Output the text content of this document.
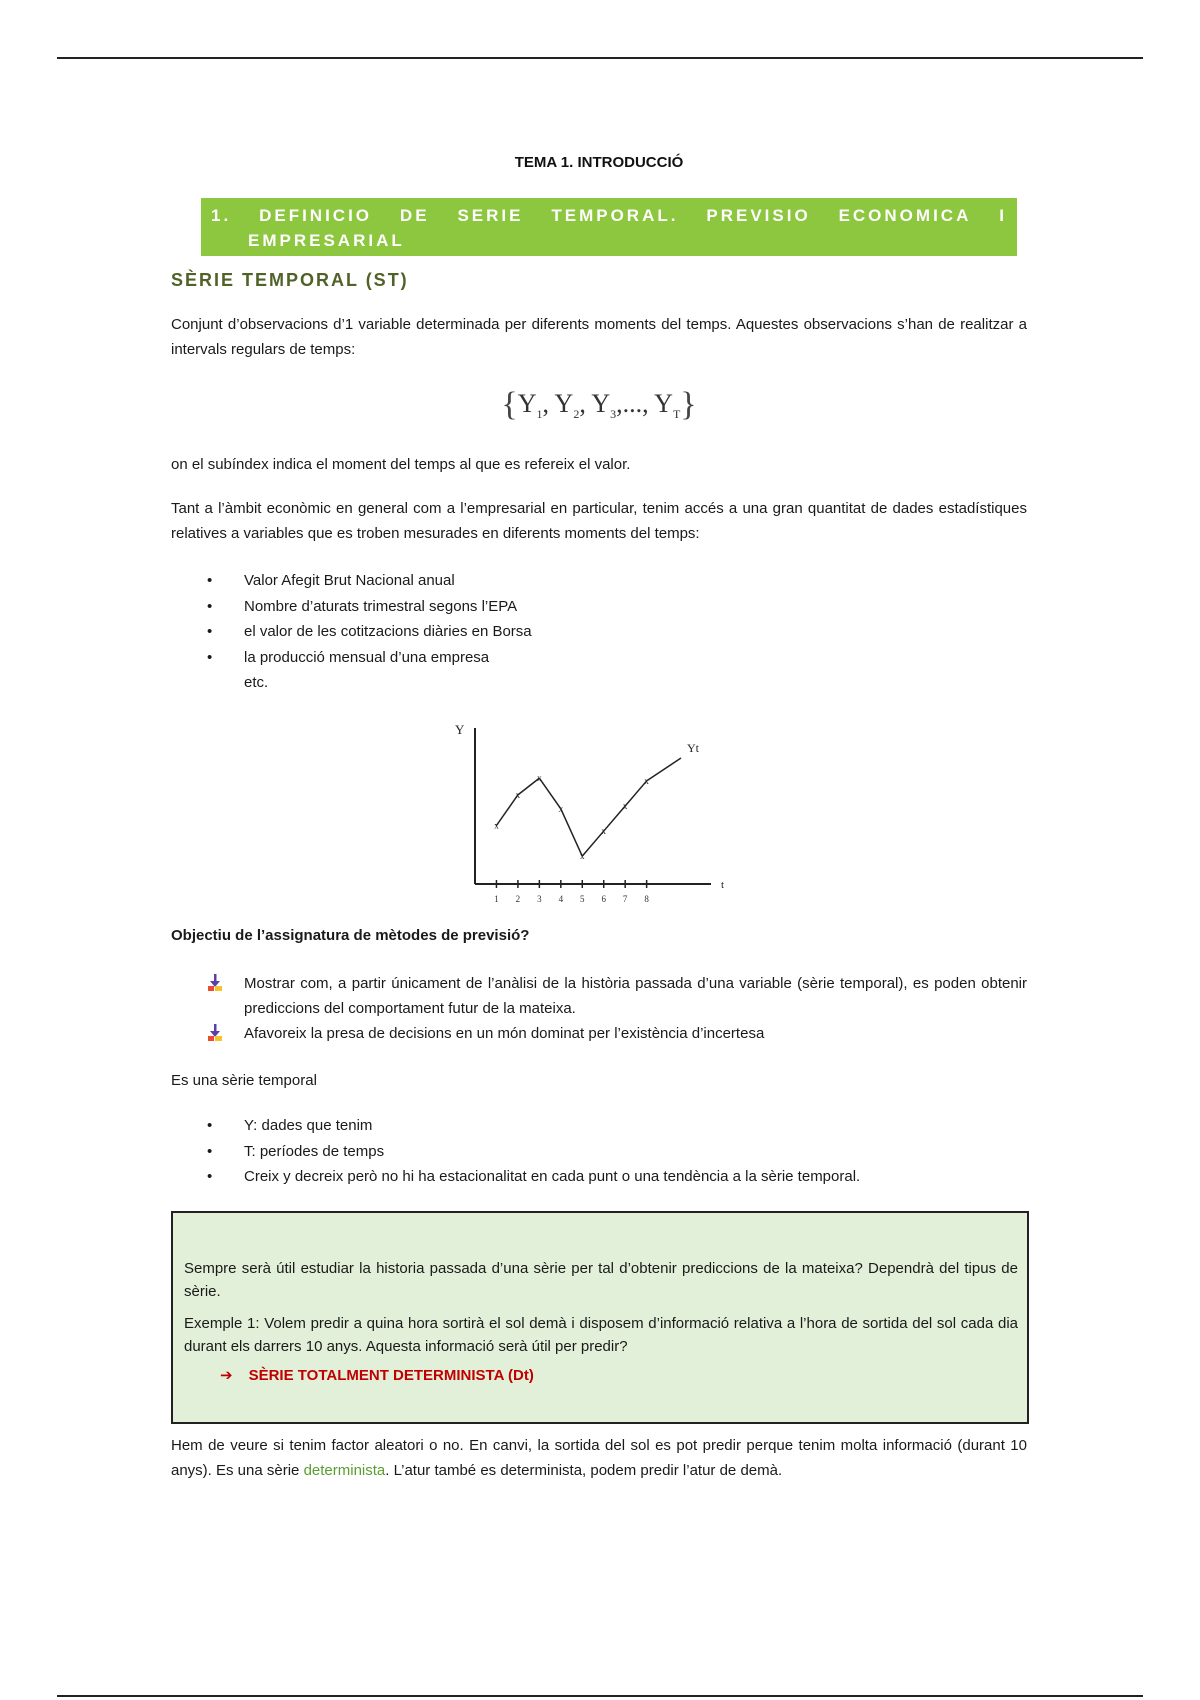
TEMA 1. INTRODUCCIÓ
1. DEFINICIO DE SERIE TEMPORAL. PREVISIO ECONOMICA I
EMPRESARIAL
SÈRIE TEMPORAL (ST)
Conjunt d’observacions d’1 variable determinada per diferents moments del temps. Aquestes observacions s’han de realitzar a intervals regulars de temps:
{$Y_1$, $Y_2$, $Y_3$,..., $Y_T$}
on el subíndex indica el moment del temps al que es refereix el valor.
Tant a l’àmbit econòmic en general com a l’empresarial en particular, tenim accés a una gran quantitat de dades estadístiques relatives a variables que es troben mesurades en diferents moments del temps:
• Valor Afegit Brut Nacional anual
• Nombre d’aturats trimestral segons l’EPA
• el valor de les cotitzacions diàries en Borsa
• la producció mensual d’una empresa
etc.
Y
t
Yt
1 2 3 4 5 6 7 8
x
x
x
x
x
x
x
x
Objectiu de l’assignatura de mètodes de previsió?
Mostrar com, a partir únicament de l’anàlisi de la història passada d’una variable (sèrie temporal), es poden obtenir prediccions del comportament futur de la mateixa.
Afavoreix la presa de decisions en un món dominat per l’existència d’incertesa
Es una sèrie temporal
• Y: dades que tenim
• T: períodes de temps
• Creix y decreix però no hi ha estacionalitat en cada punt o una tendència a la sèrie temporal.
Sempre serà útil estudiar la historia passada d’una sèrie per tal d’obtenir prediccions de la mateixa? Dependrà del tipus de sèrie.
Exemple 1: Volem predir a quina hora sortirà el sol demà i disposem d’informació relativa a l’hora de sortida del sol cada dia durant els darrers 10 anys. Aquesta informació serà útil per predir?
➔ SÈRIE TOTALMENT DETERMINISTA (Dt)
Hem de veure si tenim factor aleatori o no. En canvi, la sortida del sol es pot predir perque tenim molta informació (durant 10 anys). Es una sèrie determinista. L’atur també es determinista, podem predir l’atur de demà.
